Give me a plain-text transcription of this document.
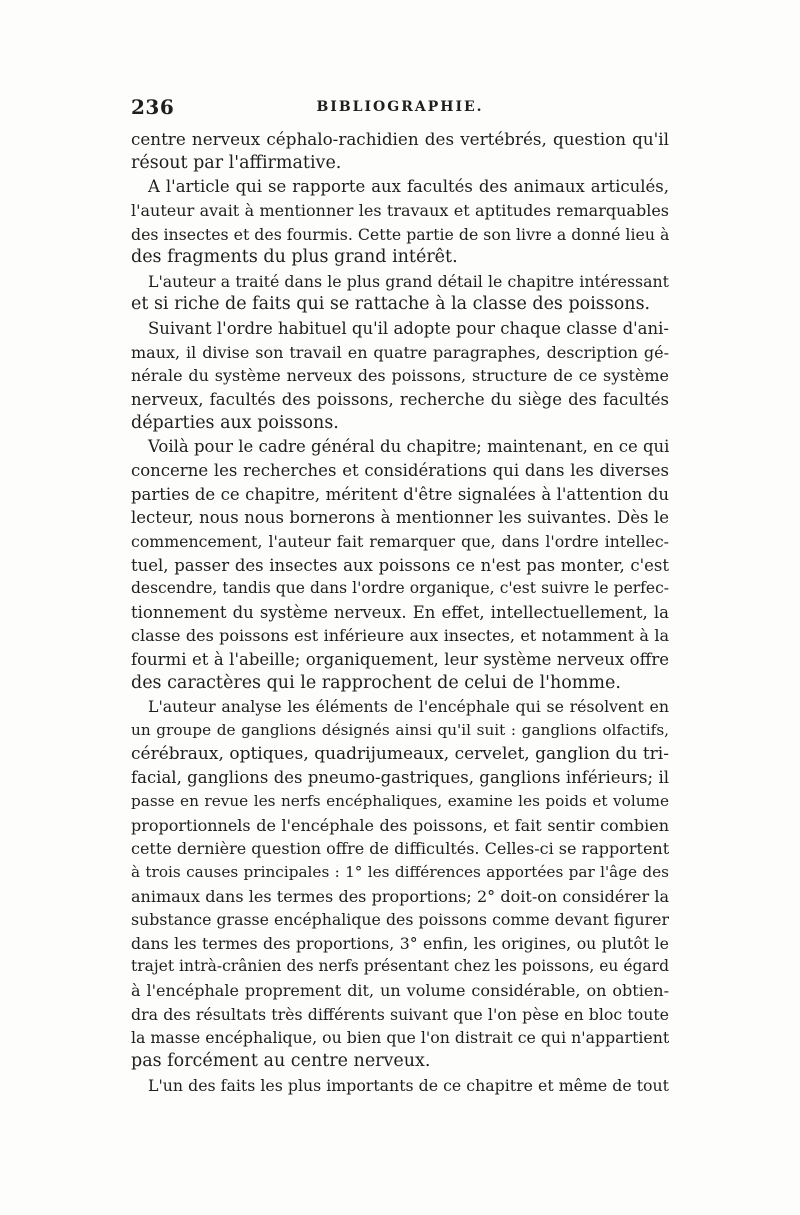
236	BIBLIOGRAPHIE.
centre nerveux céphalo-rachidien des vertébrés, question qu'il
résout par l'affirmative.
A l'article qui se rapporte aux facultés des animaux articulés,
l'auteur avait à mentionner les travaux et aptitudes remarquables
des insectes et des fourmis. Cette partie de son livre a donné lieu à
des fragments du plus grand intérêt.
L'auteur a traité dans le plus grand détail le chapitre intéressant
et si riche de faits qui se rattache à la classe des poissons.
Suivant l'ordre habituel qu'il adopte pour chaque classe d'ani-
maux, il divise son travail en quatre paragraphes, description gé-
nérale du système nerveux des poissons, structure de ce système
nerveux, facultés des poissons, recherche du siège des facultés
départies aux poissons.
Voilà pour le cadre général du chapitre; maintenant, en ce qui
concerne les recherches et considérations qui dans les diverses
parties de ce chapitre, méritent d'être signalées à l'attention du
lecteur, nous nous bornerons à mentionner les suivantes. Dès le
commencement, l'auteur fait remarquer que, dans l'ordre intellec-
tuel, passer des insectes aux poissons ce n'est pas monter, c'est
descendre, tandis que dans l'ordre organique, c'est suivre le perfec-
tionnement du système nerveux. En effet, intellectuellement, la
classe des poissons est inférieure aux insectes, et notamment à la
fourmi et à l'abeille; organiquement, leur système nerveux offre
des caractères qui le rapprochent de celui de l'homme.
L'auteur analyse les éléments de l'encéphale qui se résolvent en
un groupe de ganglions désignés ainsi qu'il suit : ganglions olfactifs,
cérébraux, optiques, quadrijumeaux, cervelet, ganglion du tri-
facial, ganglions des pneumo-gastriques, ganglions inférieurs; il
passe en revue les nerfs encéphaliques, examine les poids et volume
proportionnels de l'encéphale des poissons, et fait sentir combien
cette dernière question offre de difficultés. Celles-ci se rapportent
à trois causes principales : 1° les différences apportées par l'âge des
animaux dans les termes des proportions; 2° doit-on considérer la
substance grasse encéphalique des poissons comme devant figurer
dans les termes des proportions, 3° enfin, les origines, ou plutôt le
trajet intrà-crânien des nerfs présentant chez les poissons, eu égard
à l'encéphale proprement dit, un volume considérable, on obtien-
dra des résultats très différents suivant que l'on pèse en bloc toute
la masse encéphalique, ou bien que l'on distrait ce qui n'appartient
pas forcément au centre nerveux.
L'un des faits les plus importants de ce chapitre et même de tout
